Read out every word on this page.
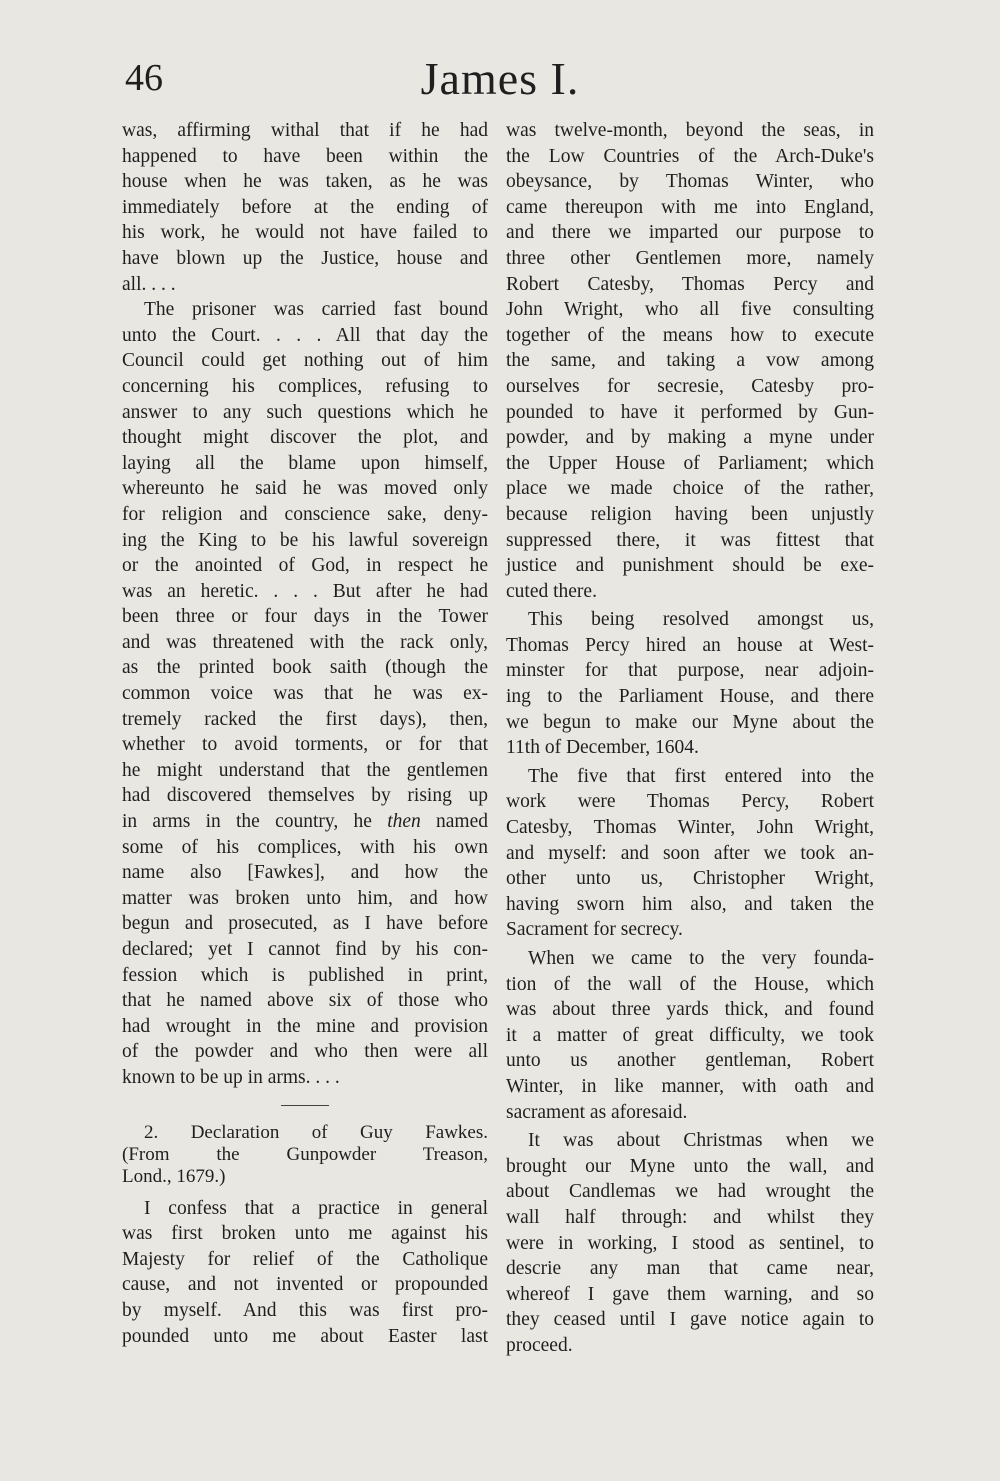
46	James I.
was, affirming withal that if he had
happened to have been within the
house when he was taken, as he was
immediately before at the ending of
his work, he would not have failed to
have blown up the Justice, house and
all. . . .
The prisoner was carried fast bound
unto the Court. . . . All that day the
Council could get nothing out of him
concerning his complices, refusing to
answer to any such questions which he
thought might discover the plot, and
laying all the blame upon himself,
whereunto he said he was moved only
for religion and conscience sake, deny-
ing the King to be his lawful sovereign
or the anointed of God, in respect he
was an heretic. . . . But after he had
been three or four days in the Tower
and was threatened with the rack only,
as the printed book saith (though the
common voice was that he was ex-
tremely racked the first days), then,
whether to avoid torments, or for that
he might understand that the gentlemen
had discovered themselves by rising up
in arms in the country, he then named
some of his complices, with his own
name also [Fawkes], and how the
matter was broken unto him, and how
begun and prosecuted, as I have before
declared; yet I cannot find by his con-
fession which is published in print,
that he named above six of those who
had wrought in the mine and provision
of the powder and who then were all
known to be up in arms. . . .
2. Declaration of Guy Fawkes.
(From the Gunpowder Treason,
Lond., 1679.)
I confess that a practice in general
was first broken unto me against his
Majesty for relief of the Catholique
cause, and not invented or propounded
by myself. And this was first pro-
pounded unto me about Easter last
was twelve-month, beyond the seas, in
the Low Countries of the Arch-Duke's
obeysance, by Thomas Winter, who
came thereupon with me into England,
and there we imparted our purpose to
three other Gentlemen more, namely
Robert Catesby, Thomas Percy and
John Wright, who all five consulting
together of the means how to execute
the same, and taking a vow among
ourselves for secresie, Catesby pro-
pounded to have it performed by Gun-
powder, and by making a myne under
the Upper House of Parliament; which
place we made choice of the rather,
because religion having been unjustly
suppressed there, it was fittest that
justice and punishment should be exe-
cuted there.
This being resolved amongst us,
Thomas Percy hired an house at West-
minster for that purpose, near adjoin-
ing to the Parliament House, and there
we begun to make our Myne about the
11th of December, 1604.
The five that first entered into the
work were Thomas Percy, Robert
Catesby, Thomas Winter, John Wright,
and myself: and soon after we took an-
other unto us, Christopher Wright,
having sworn him also, and taken the
Sacrament for secrecy.
When we came to the very founda-
tion of the wall of the House, which
was about three yards thick, and found
it a matter of great difficulty, we took
unto us another gentleman, Robert
Winter, in like manner, with oath and
sacrament as aforesaid.
It was about Christmas when we
brought our Myne unto the wall, and
about Candlemas we had wrought the
wall half through: and whilst they
were in working, I stood as sentinel, to
descrie any man that came near,
whereof I gave them warning, and so
they ceased until I gave notice again to
proceed.
